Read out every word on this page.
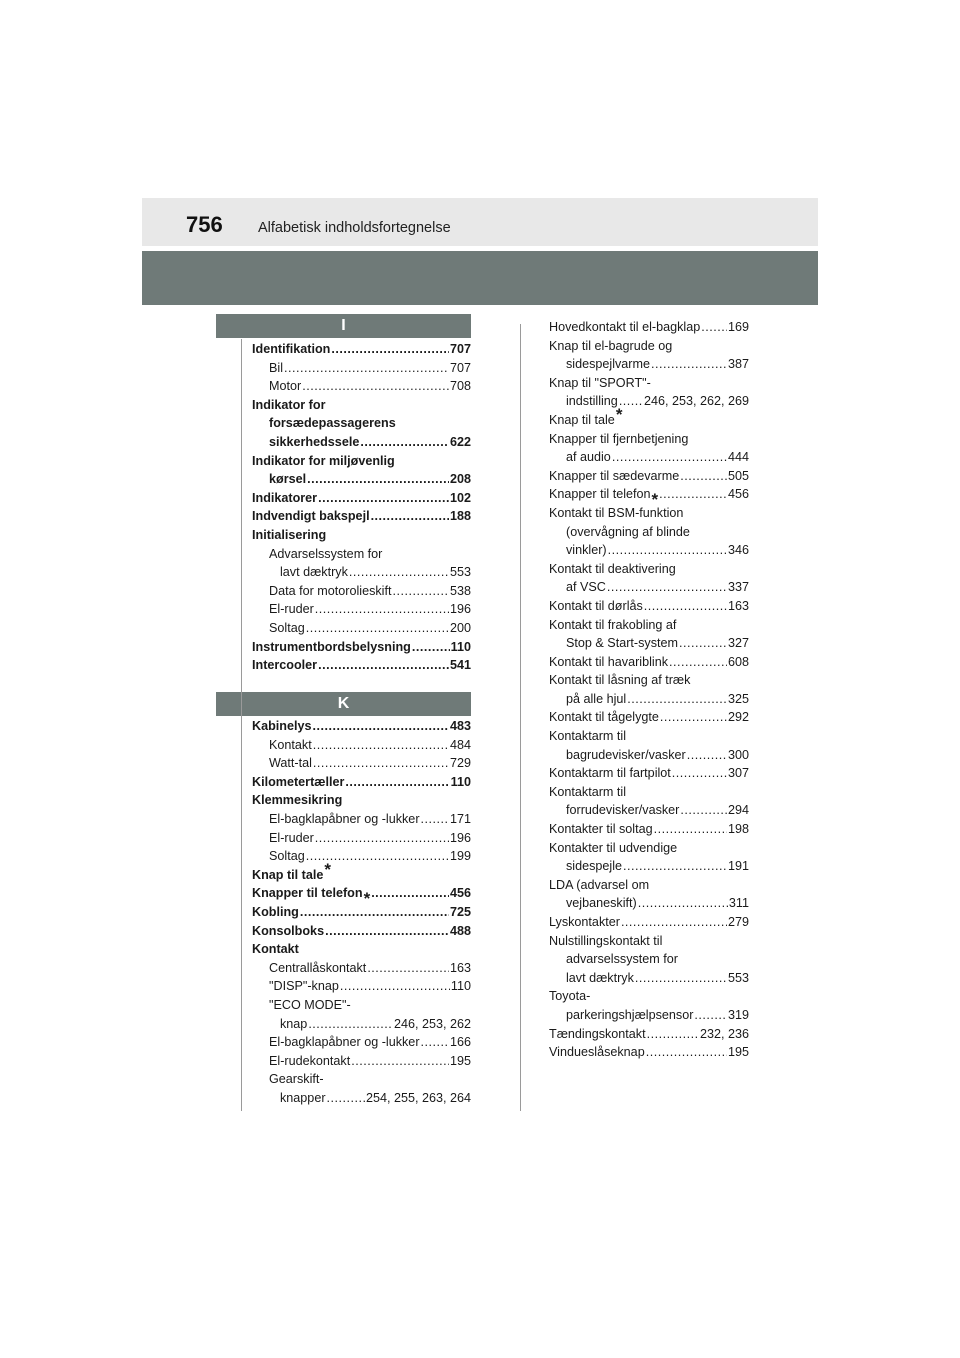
756 Alfabetisk indholdsfortegnelse
I
K
Identifikation .....	707
Bil .....	707
Motor .....	708
Indikator for
forsædepassagerens
sikkerhedssele .....	622
Indikator for miljøvenlig
kørsel .....	208
Indikatorer .....	102
Indvendigt bakspejl .....	188
Initialisering
Advarselssystem for
lavt dæktryk .....	553
Data for motorolieskift .....	538
El-ruder .....	196
Soltag .....	200
Instrumentbordsbelysning .....	110
Intercooler .....	541
Kabinelys .....	483
Kontakt .....	484
Watt-tal .....	729
Kilometertæller .....	110
Klemmesikring
El-bagklapåbner og -lukker ..... 171
El-ruder .....	196
Soltag .....	199
Knap til tale*
Knapper til telefon * .....	456
Kobling .....	725
Konsolboks .....	488
Kontakt
Centrallåskontakt .....	163
"DISP"-knap .....	110
"ECO MODE"-
knap .....	246, 253, 262
El-bagklapåbner og -lukker ..... 166
El-rudekontakt .....	195
Gearskift-
knapper .....	254, 255, 263, 264
Hovedkontakt til el-bagklap ..... 169
Knap til el-bagrude og
sidespejlvarme .....	387
Knap til "SPORT"-
indstilling ..... 246, 253, 262, 269
Knap til tale*
Knapper til fjernbetjening
af audio .....	444
Knapper til sædevarme .....	505
Knapper til telefon * .....	456
Kontakt til BSM-funktion
(overvågning af blinde
vinkler) .....	346
Kontakt til deaktivering
af VSC .....	337
Kontakt til dørlås .....	163
Kontakt til frakobling af
Stop & Start-system .....	327
Kontakt til havariblink .....	608
Kontakt til låsning af træk
på alle hjul .....	325
Kontakt til tågelygte .....	292
Kontaktarm til
bagrudevisker/vasker .....	300
Kontaktarm til fartpilot .....	307
Kontaktarm til
forrudevisker/vasker .....	294
Kontakter til soltag .....	198
Kontakter til udvendige
sidespejle .....	191
LDA (advarsel om
vejbaneskift) .....	311
Lyskontakter .....	279
Nulstillingskontakt til
advarselssystem for
lavt dæktryk .....	553
Toyota-
parkeringshjælpsensor .....	319
Tændingskontakt .....	232, 236
Vindueslåseknap .....	195
